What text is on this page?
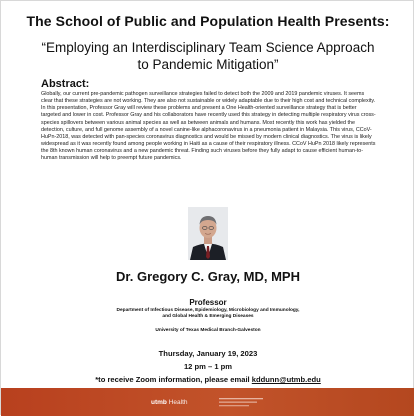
The School of Public and Population Health Presents:
“Employing an Interdisciplinary Team Science Approach to Pandemic Mitigation”
Abstract:
Globally, our current pre-pandemic pathogen surveillance strategies failed to detect both the 2009 and 2019 pandemic viruses. It seems clear that these strategies are not working. They are also not sustainable or widely adaptable due to their high cost and technical complexity. In this presentation, Professor Gray will review these problems and present a One Health-oriented surveillance strategy that is better targeted and lower in cost. Professor Gray and his collaborators have recently used this strategy in detecting multiple respiratory virus cross-species spillovers between various animal species as well as between animals and humans. Most recently this work has yielded the detection, culture, and full genome assembly of a novel canine-like alphacoronavirus in a pneumonia patient in Malaysia. This virus, CCoV-HuPn-2018, was detected with pan-species coronavirus diagnostics and would be missed by modern clinical diagnostics. The virus is likely widespread as it was recently found among people working in Haiti as a cause of their respiratory illness. CCoV HuPn 2018 likely represents the 8th known human coronavirus and a new pandemic threat. Finding such viruses before they fully adapt to cause efficient human-to-human transmission will help to preempt future pandemics.
Dr. Gregory C. Gray, MD, MPH
Professor
Department of Infectious Disease, Epidemiology, Microbiology and Immunology,
and Global Health & Emerging Diseases
University of Texas Medical Branch-Galveston
Thursday, January 19, 2023
12 pm – 1 pm
*to receive Zoom information, please email kddunn@utmb.edu
utmb Health
